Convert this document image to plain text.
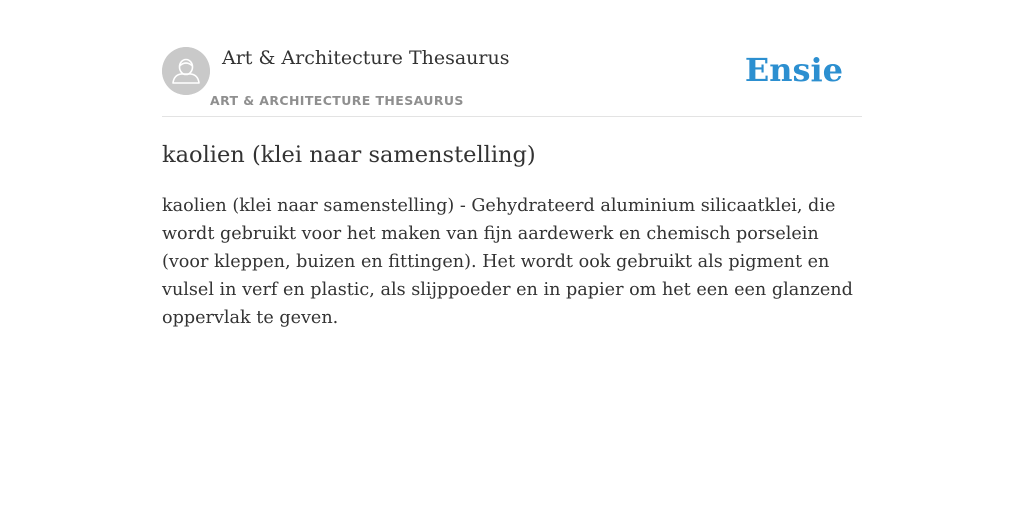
Art & Architecture Thesaurus
ART & ARCHITECTURE THESAURUS
Ensie
kaolien (klei naar samenstelling)

kaolien (klei naar samenstelling) - Gehydrateerd aluminium silicaatklei, die wordt gebruikt voor het maken van fijn aardewerk en chemisch porselein (voor kleppen, buizen en fittingen). Het wordt ook gebruikt als pigment en vulsel in verf en plastic, als slijppoeder en in papier om het een een glanzend oppervlak te geven.
